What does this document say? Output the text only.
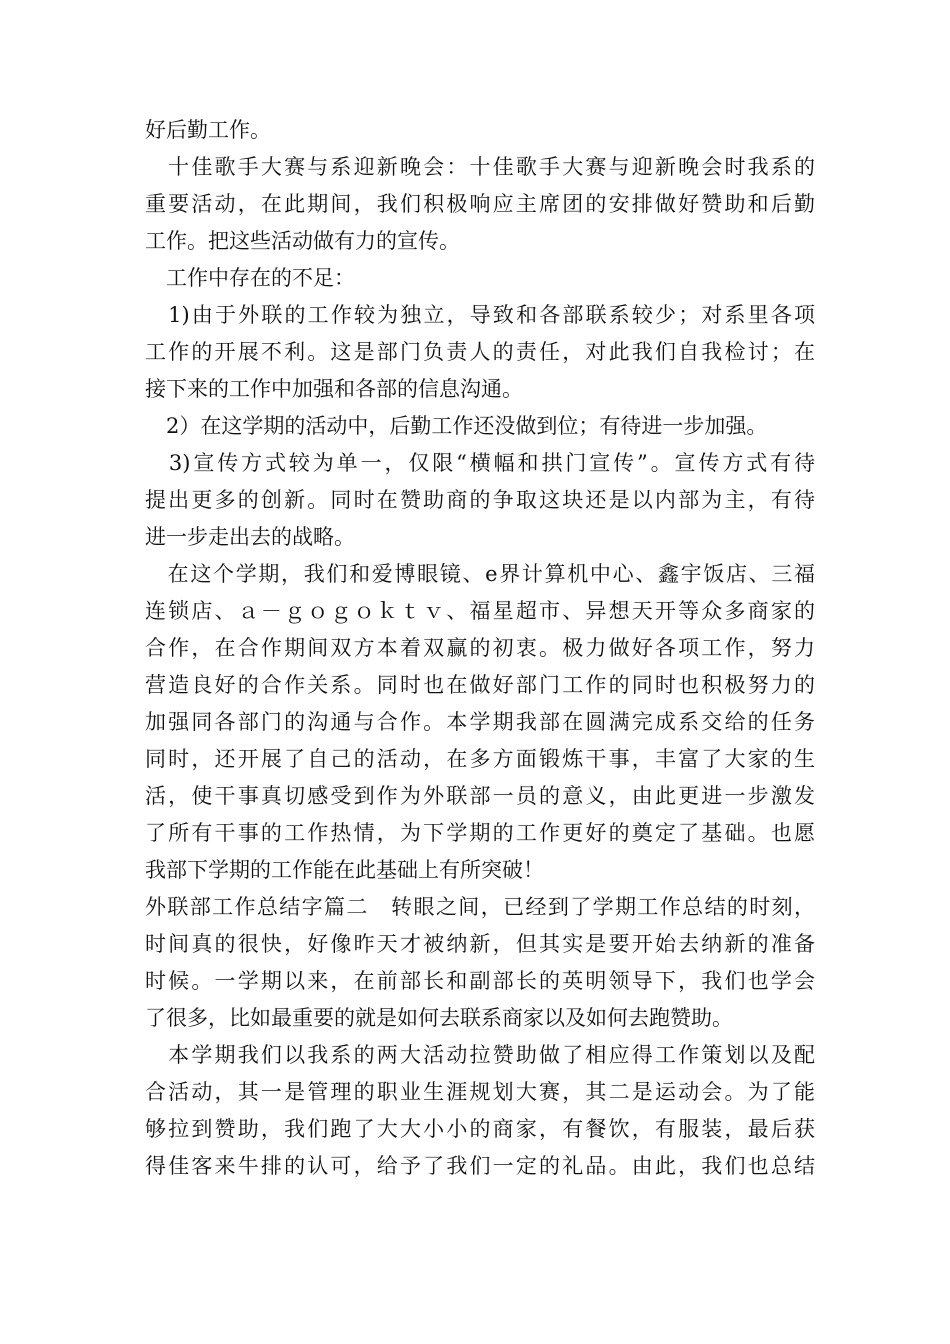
好后勤工作。
　十佳歌手大赛与系迎新晚会：十佳歌手大赛与迎新晚会时我系的
重要活动，在此期间，我们积极响应主席团的安排做好赞助和后勤
工作。把这些活动做有力的宣传。
　工作中存在的不足：
　1)由于外联的工作较为独立，导致和各部联系较少；对系里各项
工作的开展不利。这是部门负责人的责任，对此我们自我检讨；在
接下来的工作中加强和各部的信息沟通。
　2）在这学期的活动中，后勤工作还没做到位；有待进一步加强。
　3)宣传方式较为单一，仅限“横幅和拱门宣传”。宣传方式有待
提出更多的创新。同时在赞助商的争取这块还是以内部为主，有待
进一步走出去的战略。
　在这个学期，我们和爱博眼镜、e界计算机中心、鑫宇饭店、三福
连锁店、ａ－ｇｏｇｏｋｔｖ、福星超市、异想天开等众多商家的
合作，在合作期间双方本着双赢的初衷。极力做好各项工作，努力
营造良好的合作关系。同时也在做好部门工作的同时也积极努力的
加强同各部门的沟通与合作。本学期我部在圆满完成系交给的任务
同时，还开展了自己的活动，在多方面锻炼干事，丰富了大家的生
活，使干事真切感受到作为外联部一员的意义，由此更进一步激发
了所有干事的工作热情，为下学期的工作更好的奠定了基础。也愿
我部下学期的工作能在此基础上有所突破！
外联部工作总结字篇二　转眼之间，已经到了学期工作总结的时刻，
时间真的很快，好像昨天才被纳新，但其实是要开始去纳新的准备
时候。一学期以来，在前部长和副部长的英明领导下，我们也学会
了很多，比如最重要的就是如何去联系商家以及如何去跑赞助。
　本学期我们以我系的两大活动拉赞助做了相应得工作策划以及配
合活动，其一是管理的职业生涯规划大赛，其二是运动会。为了能
够拉到赞助，我们跑了大大小小的商家，有餐饮，有服装，最后获
得佳客来牛排的认可，给予了我们一定的礼品。由此，我们也总结
